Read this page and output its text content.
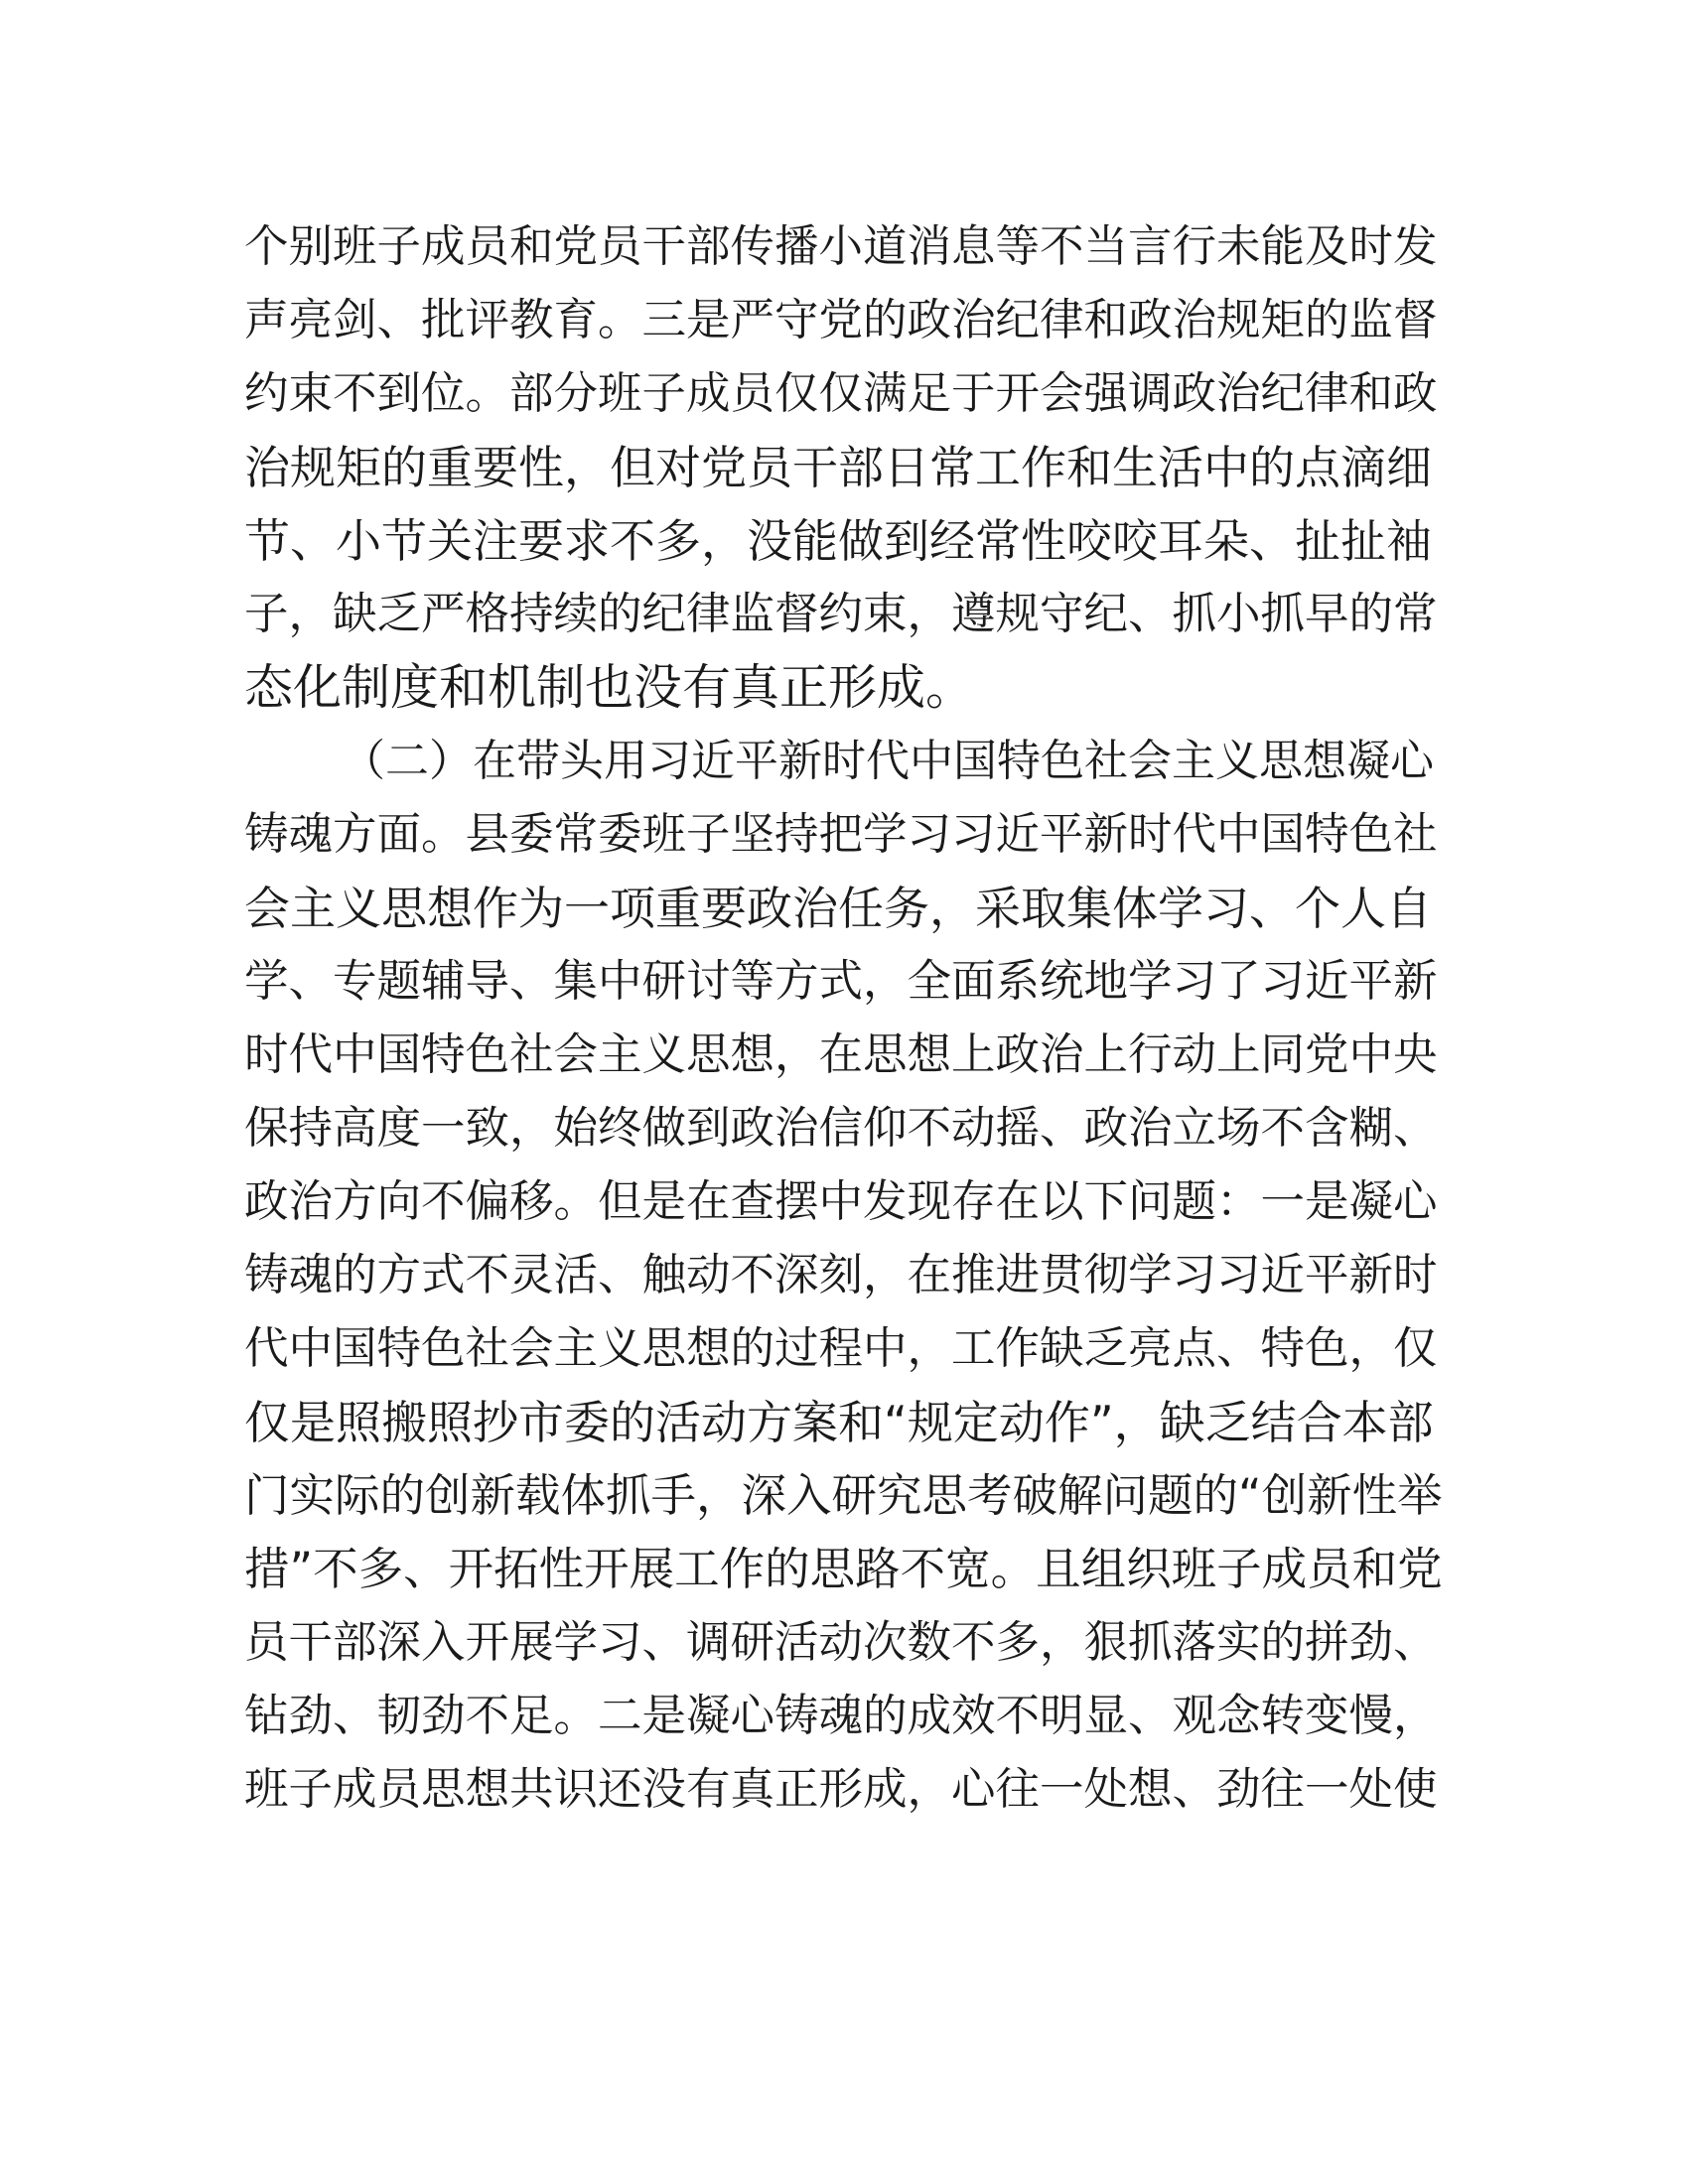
个别班子成员和党员干部传播小道消息等不当言行未能及时发
声亮剑、批评教育。三是严守党的政治纪律和政治规矩的监督
约束不到位。部分班子成员仅仅满足于开会强调政治纪律和政
治规矩的重要性，但对党员干部日常工作和生活中的点滴细
节、小节关注要求不多，没能做到经常性咬咬耳朵、扯扯袖
子，缺乏严格持续的纪律监督约束，遵规守纪、抓小抓早的常
态化制度和机制也没有真正形成。

（二）在带头用习近平新时代中国特色社会主义思想凝心
铸魂方面。县委常委班子坚持把学习习近平新时代中国特色社
会主义思想作为一项重要政治任务，采取集体学习、个人自
学、专题辅导、集中研讨等方式，全面系统地学习了习近平新
时代中国特色社会主义思想，在思想上政治上行动上同党中央
保持高度一致，始终做到政治信仰不动摇、政治立场不含糊、
政治方向不偏移。但是在查摆中发现存在以下问题：一是凝心
铸魂的方式不灵活、触动不深刻，在推进贯彻学习习近平新时
代中国特色社会主义思想的过程中，工作缺乏亮点、特色，仅
仅是照搬照抄市委的活动方案和“规定动作”，缺乏结合本部
门实际的创新载体抓手，深入研究思考破解问题的“创新性举
措”不多、开拓性开展工作的思路不宽。且组织班子成员和党
员干部深入开展学习、调研活动次数不多，狠抓落实的拼劲、
钻劲、韧劲不足。二是凝心铸魂的成效不明显、观念转变慢，
班子成员思想共识还没有真正形成，心往一处想、劲往一处使
